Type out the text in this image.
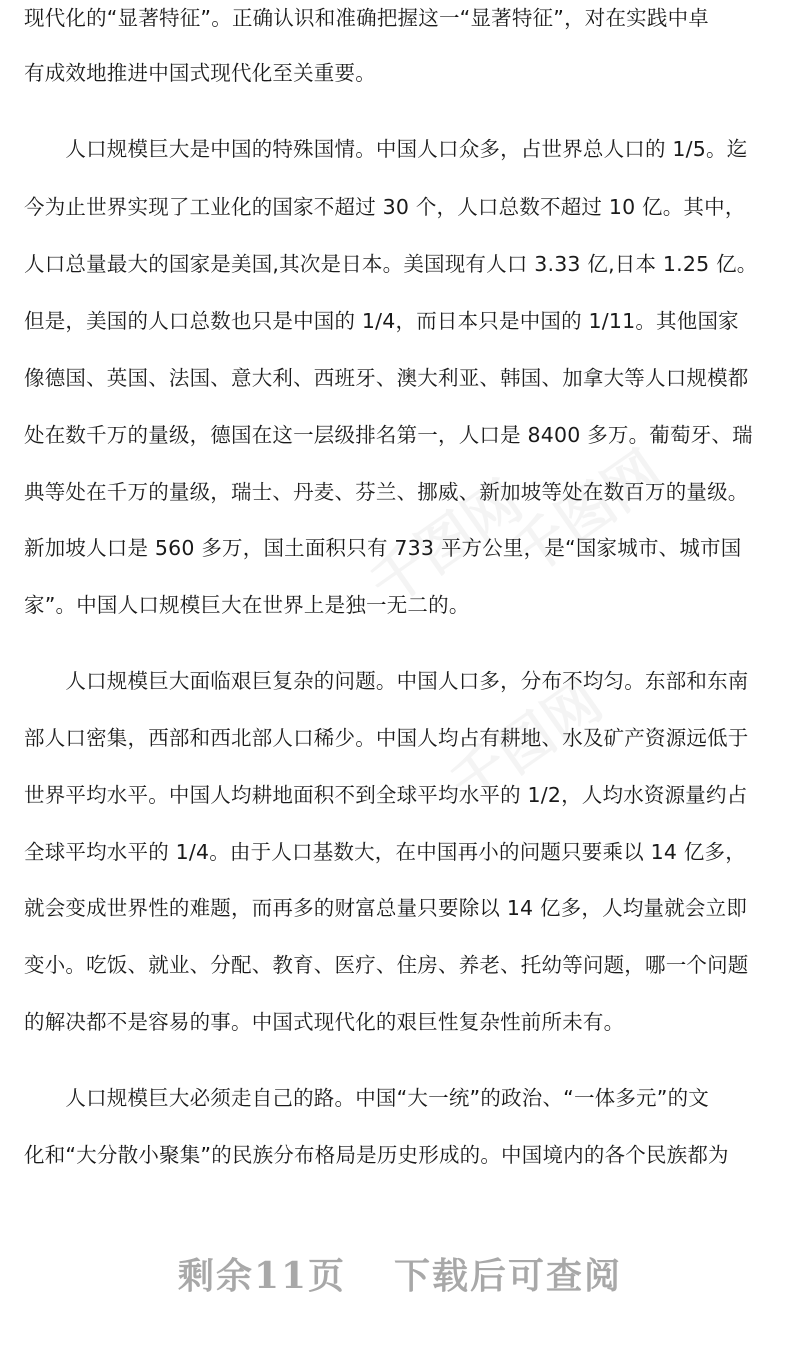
现代化的“显著特征”。正确认识和准确把握这一“显著特征”，对在实践中卓
有成效地推进中国式现代化至关重要。
　　人口规模巨大是中国的特殊国情。中国人口众多，占世界总人口的 1/5。迄
今为止世界实现了工业化的国家不超过 30 个，人口总数不超过 10 亿。其中，
人口总量最大的国家是美国,其次是日本。美国现有人口 3.33 亿,日本 1.25 亿。
但是，美国的人口总数也只是中国的 1/4，而日本只是中国的 1/11。其他国家
像德国、英国、法国、意大利、西班牙、澳大利亚、韩国、加拿大等人口规模都
处在数千万的量级，德国在这一层级排名第一，人口是 8400 多万。葡萄牙、瑞
典等处在千万的量级，瑞士、丹麦、芬兰、挪威、新加坡等处在数百万的量级。
新加坡人口是 560 多万，国土面积只有 733 平方公里，是“国家城市、城市国
家”。中国人口规模巨大在世界上是独一无二的。
　　人口规模巨大面临艰巨复杂的问题。中国人口多，分布不均匀。东部和东南
部人口密集，西部和西北部人口稀少。中国人均占有耕地、水及矿产资源远低于
世界平均水平。中国人均耕地面积不到全球平均水平的 1/2，人均水资源量约占
全球平均水平的 1/4。由于人口基数大，在中国再小的问题只要乘以 14 亿多，
就会变成世界性的难题，而再多的财富总量只要除以 14 亿多，人均量就会立即
变小。吃饭、就业、分配、教育、医疗、住房、养老、托幼等问题，哪一个问题
的解决都不是容易的事。中国式现代化的艰巨性复杂性前所未有。
　　人口规模巨大必须走自己的路。中国“大一统”的政治、“一体多元”的文
化和“大分散小聚集”的民族分布格局是历史形成的。中国境内的各个民族都为
剩余11页 下载后可查阅
